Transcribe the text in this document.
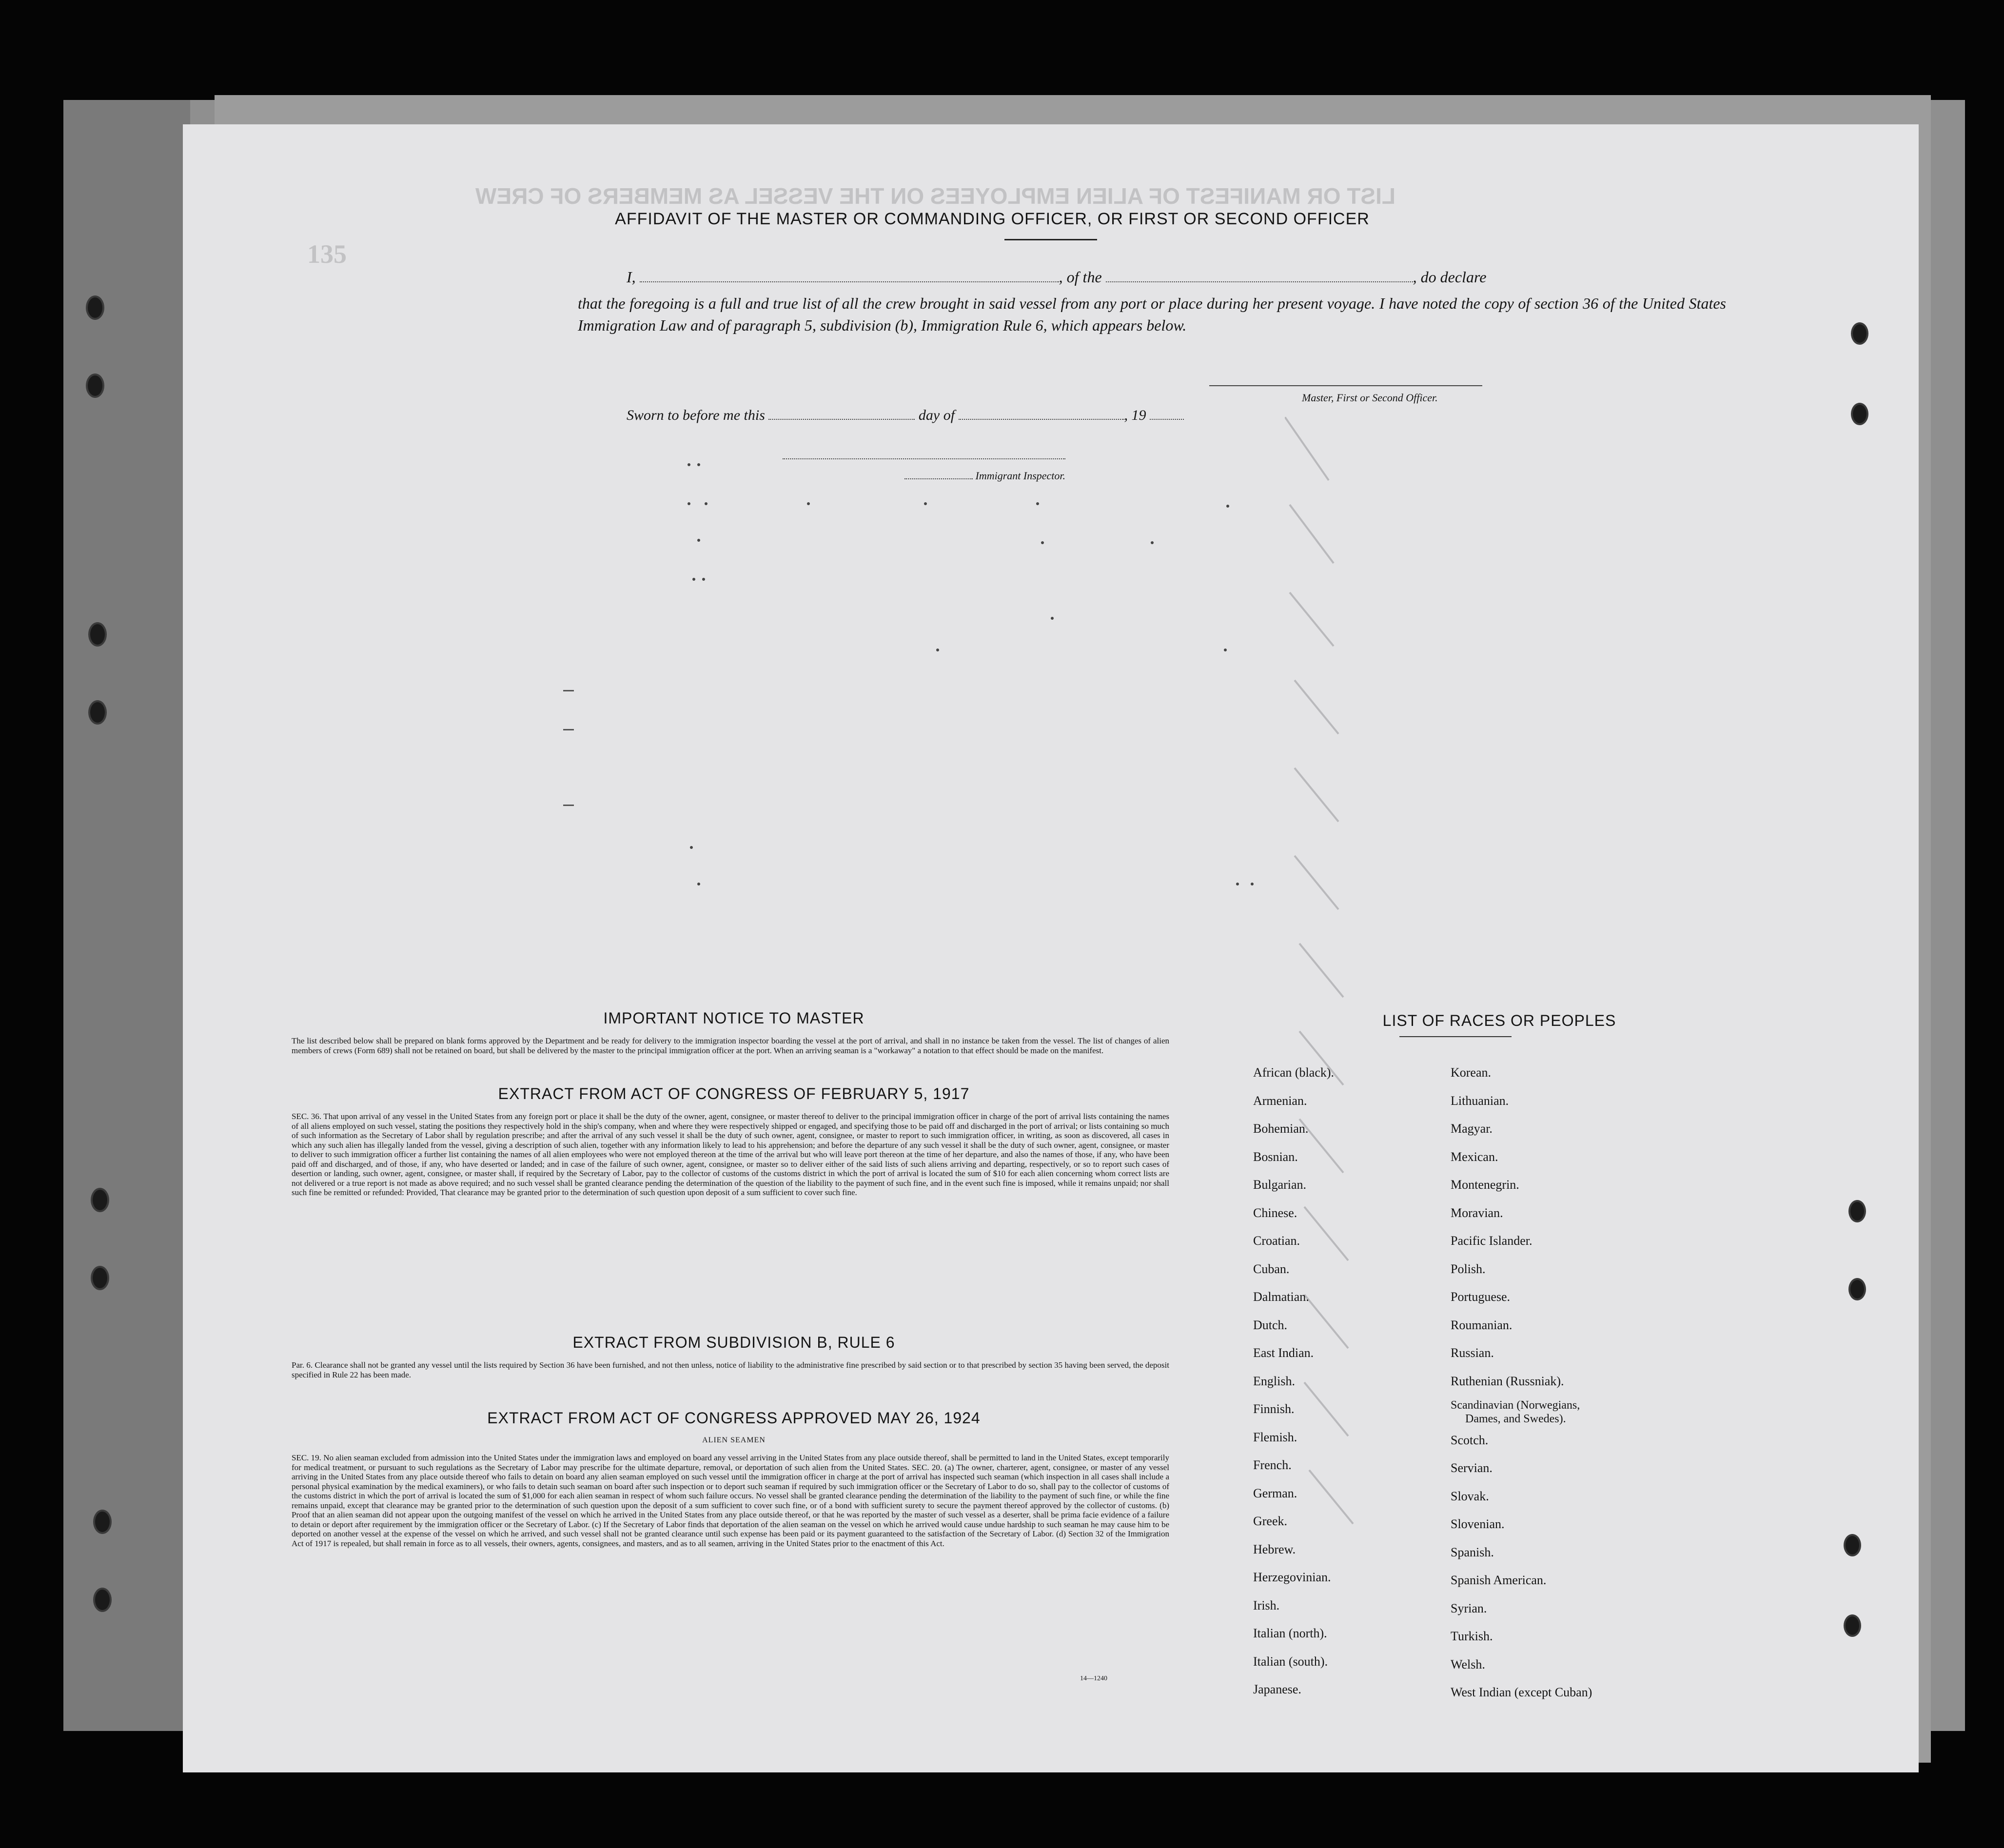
LIST OR MANIFEST OF ALIEN EMPLOYEES ON THE VESSEL AS MEMBERS OF CREW
135
AFFIDAVIT OF THE MASTER OR COMMANDING OFFICER, OR FIRST OR SECOND OFFICER
I,	, of the	, do declare
that the foregoing is a full and true list of all the crew brought in said vessel from any port or place during her present voyage. I have noted the copy of section 36 of the United States Immigration Law and of paragraph 5, subdivision (b), Immigration Rule 6, which appears below.
Master, First or Second Officer.
Sworn to before me this	day of	, 19
Immigrant Inspector.
IMPORTANT NOTICE TO MASTER
The list described below shall be prepared on blank forms approved by the Department and be ready for delivery to the immigration inspector boarding the vessel at the port of arrival, and shall in no instance be taken from the vessel. The list of changes of alien members of crews (Form 689) shall not be retained on board, but shall be delivered by the master to the principal immigration officer at the port. When an arriving seaman is a "workaway" a notation to that effect should be made on the manifest.
EXTRACT FROM ACT OF CONGRESS OF FEBRUARY 5, 1917
SEC. 36. That upon arrival of any vessel in the United States from any foreign port or place it shall be the duty of the owner, agent, consignee, or master thereof to deliver to the principal immigration officer in charge of the port of arrival lists containing the names of all aliens employed on such vessel, stating the positions they respectively hold in the ship's company, when and where they were respectively shipped or engaged, and specifying those to be paid off and discharged in the port of arrival; or lists containing so much of such information as the Secretary of Labor shall by regulation prescribe; and after the arrival of any such vessel it shall be the duty of such owner, agent, consignee, or master to report to such immigration officer, in writing, as soon as discovered, all cases in which any such alien has illegally landed from the vessel, giving a description of such alien, together with any information likely to lead to his apprehension; and before the departure of any such vessel it shall be the duty of such owner, agent, consignee, or master to deliver to such immigration officer a further list containing the names of all alien employees who were not employed thereon at the time of the arrival but who will leave port thereon at the time of her departure, and also the names of those, if any, who have been paid off and discharged, and of those, if any, who have deserted or landed; and in case of the failure of such owner, agent, consignee, or master so to deliver either of the said lists of such aliens arriving and departing, respectively, or so to report such cases of desertion or landing, such owner, agent, consignee, or master shall, if required by the Secretary of Labor, pay to the collector of customs of the customs district in which the port of arrival is located the sum of $10 for each alien concerning whom correct lists are not delivered or a true report is not made as above required; and no such vessel shall be granted clearance pending the determination of the question of the liability to the payment of such fine, and in the event such fine is imposed, while it remains unpaid; nor shall such fine be remitted or refunded: Provided, That clearance may be granted prior to the determination of such question upon deposit of a sum sufficient to cover such fine.
EXTRACT FROM SUBDIVISION B, RULE 6
Par. 6. Clearance shall not be granted any vessel until the lists required by Section 36 have been furnished, and not then unless, notice of liability to the administrative fine prescribed by said section or to that prescribed by section 35 having been served, the deposit specified in Rule 22 has been made.
EXTRACT FROM ACT OF CONGRESS APPROVED MAY 26, 1924
ALIEN SEAMEN
SEC. 19. No alien seaman excluded from admission into the United States under the immigration laws and employed on board any vessel arriving in the United States from any place outside thereof, shall be permitted to land in the United States, except temporarily for medical treatment, or pursuant to such regulations as the Secretary of Labor may prescribe for the ultimate departure, removal, or deportation of such alien from the United States. SEC. 20. (a) The owner, charterer, agent, consignee, or master of any vessel arriving in the United States from any place outside thereof who fails to detain on board any alien seaman employed on such vessel until the immigration officer in charge at the port of arrival has inspected such seaman (which inspection in all cases shall include a personal physical examination by the medical examiners), or who fails to detain such seaman on board after such inspection or to deport such seaman if required by such immigration officer or the Secretary of Labor to do so, shall pay to the collector of customs of the customs district in which the port of arrival is located the sum of $1,000 for each alien seaman in respect of whom such failure occurs. No vessel shall be granted clearance pending the determination of the liability to the payment of such fine, or while the fine remains unpaid, except that clearance may be granted prior to the determination of such question upon the deposit of a sum sufficient to cover such fine, or of a bond with sufficient surety to secure the payment thereof approved by the collector of customs. (b) Proof that an alien seaman did not appear upon the outgoing manifest of the vessel on which he arrived in the United States from any place outside thereof, or that he was reported by the master of such vessel as a deserter, shall be prima facie evidence of a failure to detain or deport after requirement by the immigration officer or the Secretary of Labor. (c) If the Secretary of Labor finds that deportation of the alien seaman on the vessel on which he arrived would cause undue hardship to such seaman he may cause him to be deported on another vessel at the expense of the vessel on which he arrived, and such vessel shall not be granted clearance until such expense has been paid or its payment guaranteed to the satisfaction of the Secretary of Labor. (d) Section 32 of the Immigration Act of 1917 is repealed, but shall remain in force as to all vessels, their owners, agents, consignees, and masters, and as to all seamen, arriving in the United States prior to the enactment of this Act.
14—1240
LIST OF RACES OR PEOPLES
African (black).
Armenian.
Bohemian.
Bosnian.
Bulgarian.
Chinese.
Croatian.
Cuban.
Dalmatian.
Dutch.
East Indian.
English.
Finnish.
Flemish.
French.
German.
Greek.
Hebrew.
Herzegovinian.
Irish.
Italian (north).
Italian (south).
Japanese.
Korean.
Lithuanian.
Magyar.
Mexican.
Montenegrin.
Moravian.
Pacific Islander.
Polish.
Portuguese.
Roumanian.
Russian.
Ruthenian (Russniak).
Scandinavian (Norwegians,
Dames, and Swedes).
Scotch.
Servian.
Slovak.
Slovenian.
Spanish.
Spanish American.
Syrian.
Turkish.
Welsh.
West Indian (except Cuban)
